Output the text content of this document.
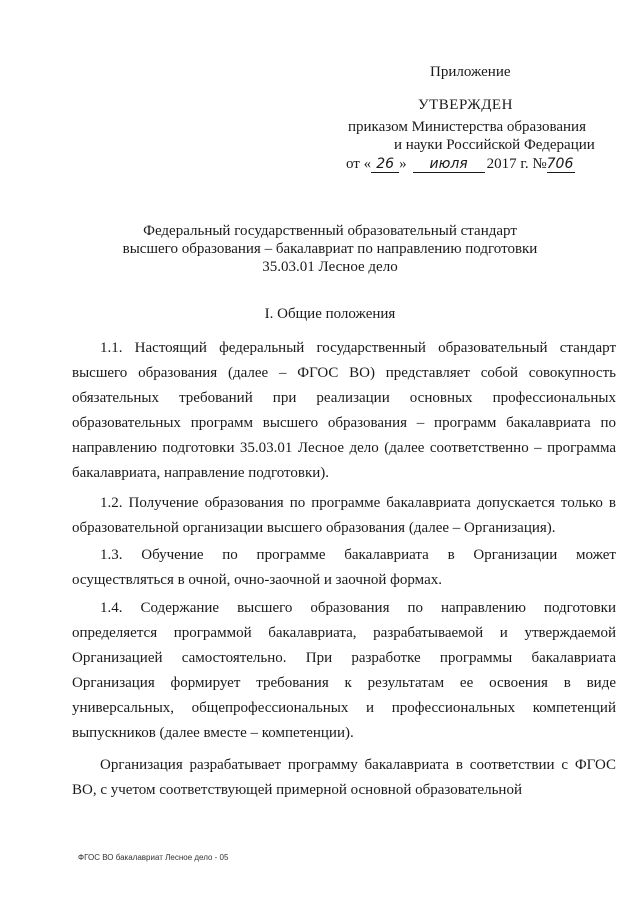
Приложение
УТВЕРЖДЕН
приказом Министерства образования
и науки Российской Федерации
от « 26 »	июля	2017 г. № 706
Федеральный государственный образовательный стандарт
высшего образования – бакалавриат по направлению подготовки
35.03.01 Лесное дело
I. Общие положения
1.1. Настоящий федеральный государственный образовательный стандарт высшего образования (далее – ФГОС ВО) представляет собой совокупность обязательных требований при реализации основных профессиональных образовательных программ высшего образования – программ бакалавриата по направлению подготовки 35.03.01 Лесное дело (далее соответственно – программа бакалавриата, направление подготовки).
1.2. Получение образования по программе бакалавриата допускается только в образовательной организации высшего образования (далее – Организация).
1.3. Обучение по программе бакалавриата в Организации может осуществляться в очной, очно-заочной и заочной формах.
1.4. Содержание высшего образования по направлению подготовки определяется программой бакалавриата, разрабатываемой и утверждаемой Организацией самостоятельно. При разработке программы бакалавриата Организация формирует требования к результатам ее освоения в виде универсальных, общепрофессиональных и профессиональных компетенций выпускников (далее вместе – компетенции).
Организация разрабатывает программу бакалавриата в соответствии с ФГОС ВО, с учетом соответствующей примерной основной образовательной
ФГОС ВО бакалавриат Лесное дело - 05
